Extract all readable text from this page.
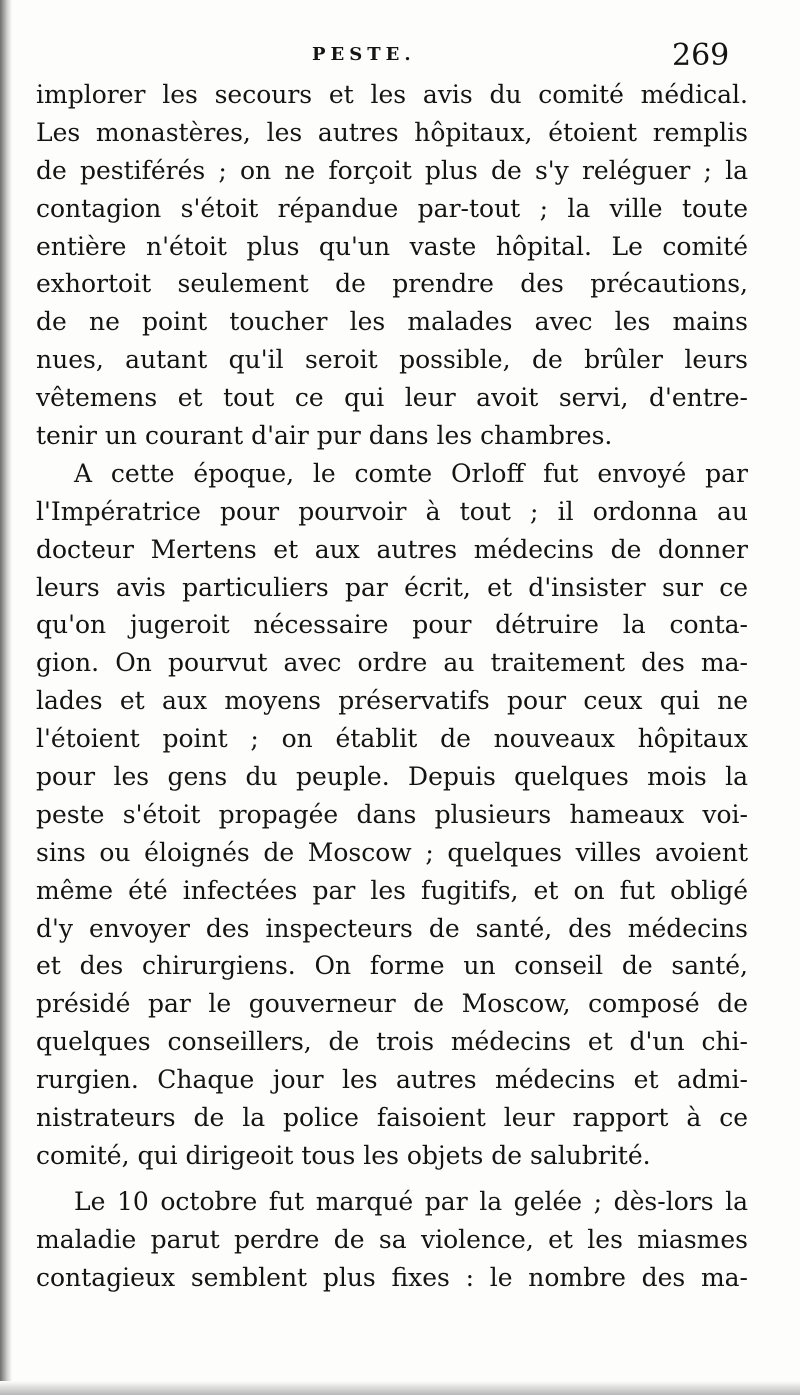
PESTE.	269
implorer les secours et les avis du comité médical.
Les monastères, les autres hôpitaux, étoient remplis
de pestiférés ; on ne forçoit plus de s'y reléguer ; la
contagion s'étoit répandue par-tout ; la ville toute
entière n'étoit plus qu'un vaste hôpital. Le comité
exhortoit seulement de prendre des précautions,
de ne point toucher les malades avec les mains
nues, autant qu'il seroit possible, de brûler leurs
vêtemens et tout ce qui leur avoit servi, d'entre-
tenir un courant d'air pur dans les chambres.
A cette époque, le comte Orloff fut envoyé par
l'Impératrice pour pourvoir à tout ; il ordonna au
docteur Mertens et aux autres médecins de donner
leurs avis particuliers par écrit, et d'insister sur ce
qu'on jugeroit nécessaire pour détruire la conta-
gion. On pourvut avec ordre au traitement des ma-
lades et aux moyens préservatifs pour ceux qui ne
l'étoient point ; on établit de nouveaux hôpitaux
pour les gens du peuple. Depuis quelques mois la
peste s'étoit propagée dans plusieurs hameaux voi-
sins ou éloignés de Moscow ; quelques villes avoient
même été infectées par les fugitifs, et on fut obligé
d'y envoyer des inspecteurs de santé, des médecins
et des chirurgiens. On forme un conseil de santé,
présidé par le gouverneur de Moscow, composé de
quelques conseillers, de trois médecins et d'un chi-
rurgien. Chaque jour les autres médecins et admi-
nistrateurs de la police faisoient leur rapport à ce
comité, qui dirigeoit tous les objets de salubrité.
Le 10 octobre fut marqué par la gelée ; dès-lors la
maladie parut perdre de sa violence, et les miasmes
contagieux semblent plus fixes : le nombre des ma-
